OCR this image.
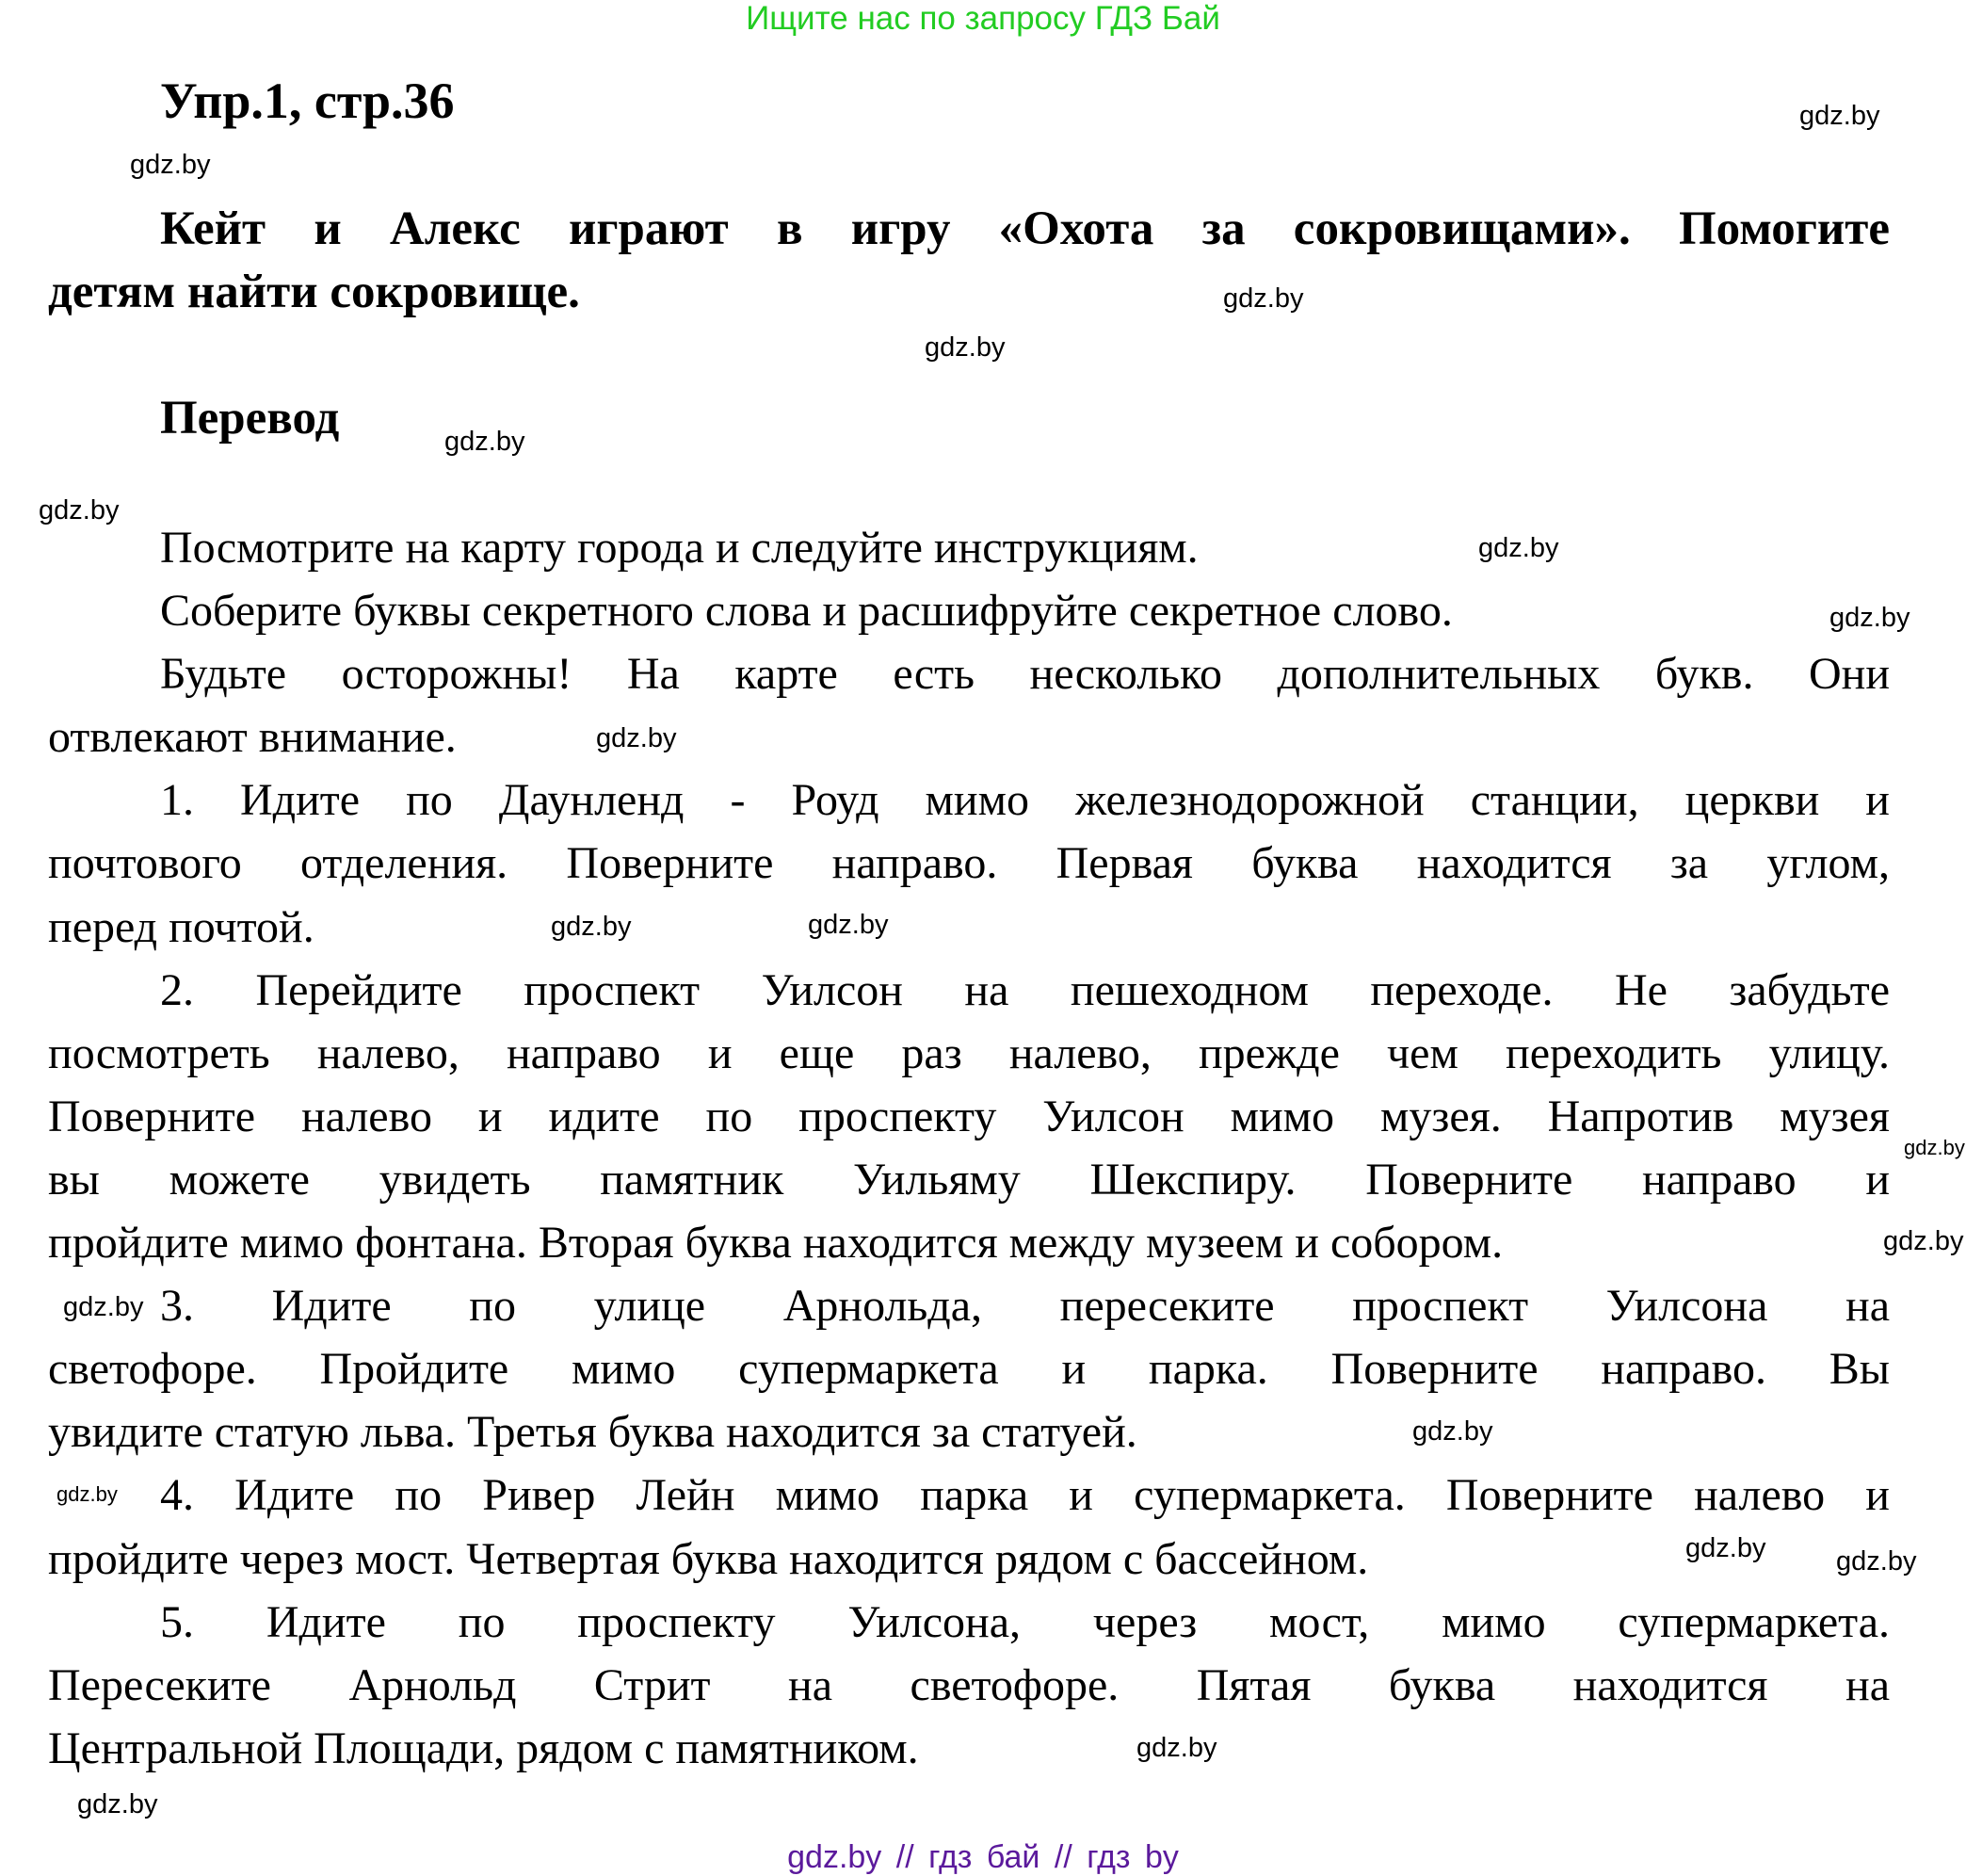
Ищите нас по запросу ГДЗ Бай
Упр.1, стр.36
Кейт и Алекс играют в игру «Охота за сокровищами». Помогите
детям найти сокровище.
Перевод
Посмотрите на карту города и следуйте инструкциям.
Соберите буквы секретного слова и расшифруйте секретное слово.
Будьте осторожны! На карте есть несколько дополнительных букв. Они
отвлекают внимание.
1. Идите по Даунленд - Роуд мимо железнодорожной станции, церкви и
почтового отделения. Поверните направо. Первая буква находится за углом,
перед почтой.
2. Перейдите проспект Уилсон на пешеходном переходе. Не забудьте
посмотреть налево, направо и еще раз налево, прежде чем переходить улицу.
Поверните налево и идите по проспекту Уилсон мимо музея. Напротив музея
вы можете увидеть памятник Уильяму Шекспиру. Поверните направо и
пройдите мимо фонтана. Вторая буква находится между музеем и собором.
3. Идите по улице Арнольда, пересеките проспект Уилсона на
светофоре. Пройдите мимо супермаркета и парка. Поверните направо. Вы
увидите статую льва. Третья буква находится за статуей.
4. Идите по Ривер Лейн мимо парка и супермаркета. Поверните налево и
пройдите через мост. Четвертая буква находится рядом с бассейном.
5. Идите по проспекту Уилсона, через мост, мимо супермаркета.
Пересеките Арнольд Стрит на светофоре. Пятая буква находится на
Центральной Площади, рядом с памятником.
gdz.by
gdz.by
gdz.by
gdz.by
gdz.by
gdz.by
gdz.by
gdz.by
gdz.by
gdz.by
gdz.by
gdz.by
gdz.by
gdz.by
gdz.by
gdz.by
gdz.by	gdz.by
gdz.by
gdz.by
gdz.by // гдз бай // гдз by
